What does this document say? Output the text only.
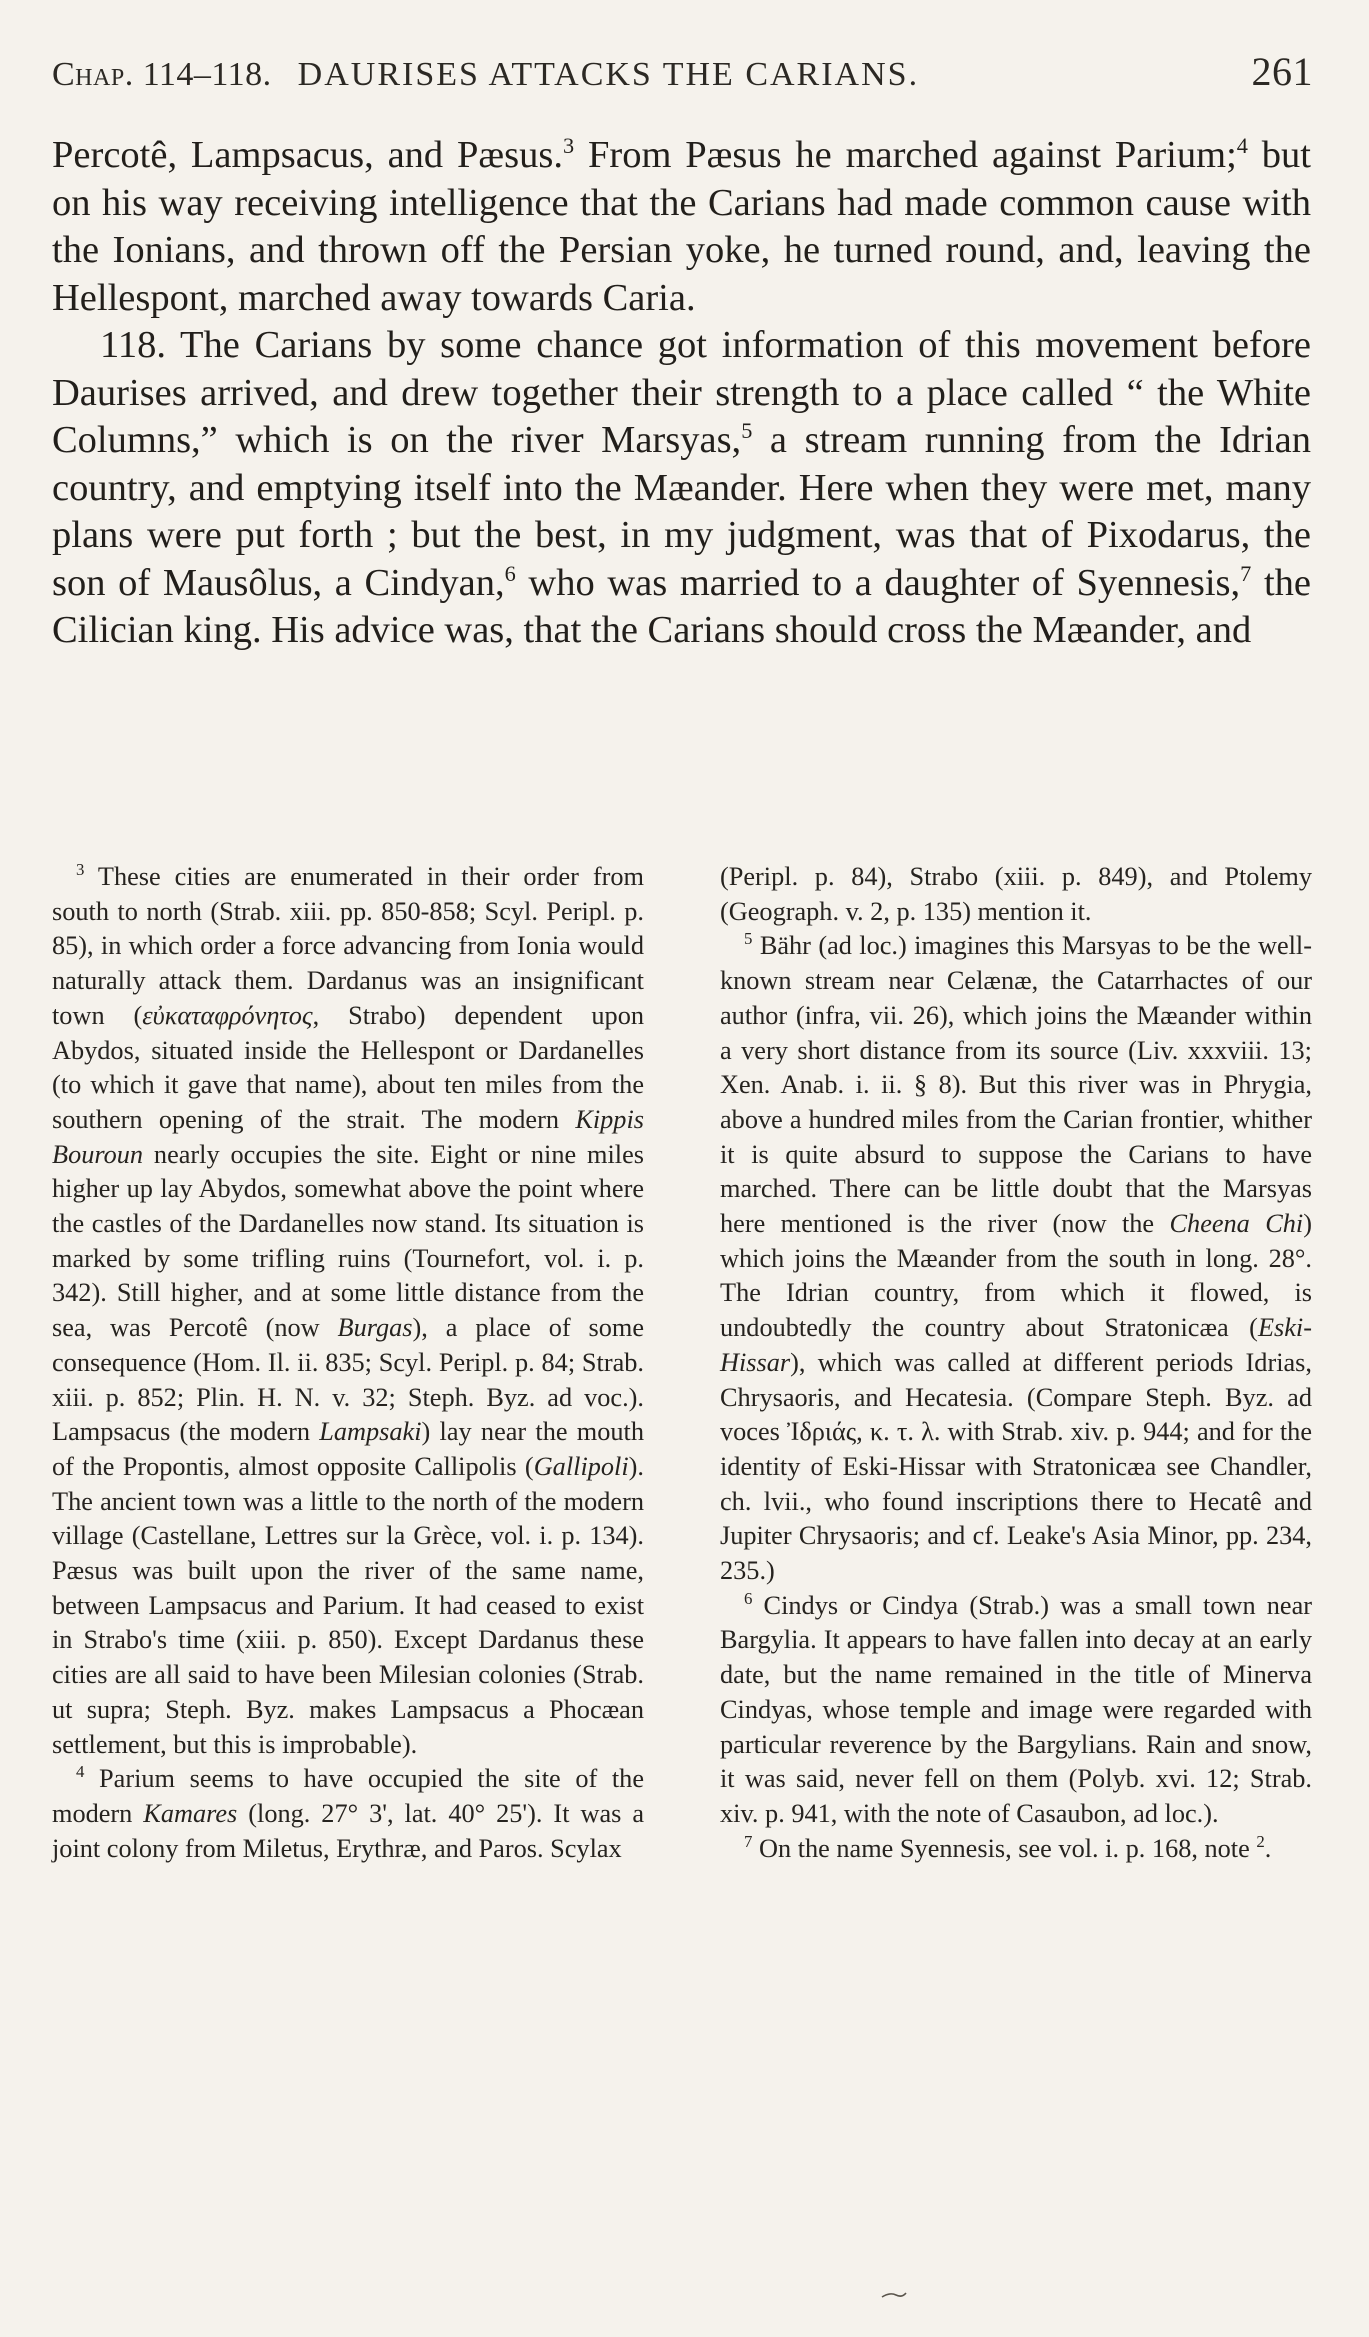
Chap. 114–118. DAURISES ATTACKS THE CARIANS.	261

Percotê, Lampsacus, and Pæsus.$^3$ From Pæsus he marched against Parium;$^4$ but on his way receiving intelligence that the Carians had made common cause with the Ionians, and thrown off the Persian yoke, he turned round, and, leaving the Hellespont, marched away towards Caria.

118. The Carians by some chance got information of this movement before Daurises arrived, and drew together their strength to a place called “ the White Columns,” which is on the river Marsyas,$^5$ a stream running from the Idrian country, and emptying itself into the Mæander. Here when they were met, many plans were put forth ; but the best, in my judgment, was that of Pixodarus, the son of Mausôlus, a Cindyan,$^6$ who was married to a daughter of Syennesis,$^7$ the Cilician king. His advice was, that the Carians should cross the Mæander, and

$^3$ These cities are enumerated in their order from south to north (Strab. xiii. pp. 850-858; Scyl. Peripl. p. 85), in which order a force advancing from Ionia would naturally attack them. Dardanus was an insignificant town (εὐκαταφρόνητος, Strabo) dependent upon Abydos, situated inside the Hellespont or Dardanelles (to which it gave that name), about ten miles from the southern opening of the strait. The modern Kippis Bouroun nearly occupies the site. Eight or nine miles higher up lay Abydos, somewhat above the point where the castles of the Dardanelles now stand. Its situation is marked by some trifling ruins (Tournefort, vol. i. p. 342). Still higher, and at some little distance from the sea, was Percotê (now Burgas), a place of some consequence (Hom. Il. ii. 835; Scyl. Peripl. p. 84; Strab. xiii. p. 852; Plin. H. N. v. 32; Steph. Byz. ad voc.). Lampsacus (the modern Lampsaki) lay near the mouth of the Propontis, almost opposite Callipolis (Gallipoli). The ancient town was a little to the north of the modern village (Castellane, Lettres sur la Grèce, vol. i. p. 134). Pæsus was built upon the river of the same name, between Lampsacus and Parium. It had ceased to exist in Strabo's time (xiii. p. 850). Except Dardanus these cities are all said to have been Milesian colonies (Strab. ut supra; Steph. Byz. makes Lampsacus a Phocæan settlement, but this is improbable).

$^4$ Parium seems to have occupied the site of the modern Kamares (long. 27° 3', lat. 40° 25'). It was a joint colony from Miletus, Erythræ, and Paros. Scylax

(Peripl. p. 84), Strabo (xiii. p. 849), and Ptolemy (Geograph. v. 2, p. 135) mention it.

$^5$ Bähr (ad loc.) imagines this Marsyas to be the well-known stream near Celænæ, the Catarrhactes of our author (infra, vii. 26), which joins the Mæander within a very short distance from its source (Liv. xxxviii. 13; Xen. Anab. i. ii. § 8). But this river was in Phrygia, above a hundred miles from the Carian frontier, whither it is quite absurd to suppose the Carians to have marched. There can be little doubt that the Marsyas here mentioned is the river (now the Cheena Chi) which joins the Mæander from the south in long. 28°. The Idrian country, from which it flowed, is undoubtedly the country about Stratonicæa (Eski-Hissar), which was called at different periods Idrias, Chrysaoris, and Hecatesia. (Compare Steph. Byz. ad voces Ἰδριάς, κ. τ. λ. with Strab. xiv. p. 944; and for the identity of Eski-Hissar with Stratonicæa see Chandler, ch. lvii., who found inscriptions there to Hecatê and Jupiter Chrysaoris; and cf. Leake's Asia Minor, pp. 234, 235.)

$^6$ Cindys or Cindya (Strab.) was a small town near Bargylia. It appears to have fallen into decay at an early date, but the name remained in the title of Minerva Cindyas, whose temple and image were regarded with particular reverence by the Bargylians. Rain and snow, it was said, never fell on them (Polyb. xvi. 12; Strab. xiv. p. 941, with the note of Casaubon, ad loc.).

$^7$ On the name Syennesis, see vol. i. p. 168, note $^2$.
